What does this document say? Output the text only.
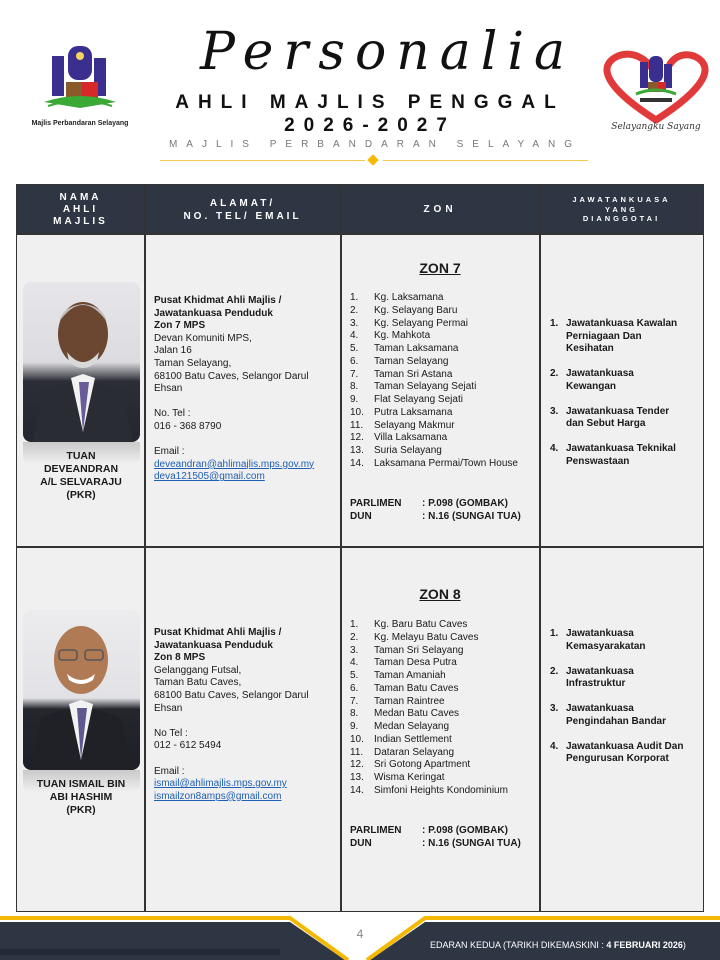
Majlis Perbandaran Selayang
Personalia
AHLI MAJLIS PENGGAL
2026-2027
MAJLIS PERBANDARAN SELAYANG
Selayangku Sayang
NAMA
AHLI
MAJLIS
ALAMAT/
NO. TEL/ EMAIL
ZON
JAWATANKUASA
YANG
DIANGGOTAI
TUAN
DEVEANDRAN
A/L SELVARAJU
(PKR)
Pusat Khidmat Ahli Majlis /
Jawatankuasa Penduduk
Zon 7 MPS
Devan Komuniti MPS,
Jalan 16
Taman Selayang,
68100 Batu Caves, Selangor Darul
Ehsan
No. Tel :
016 - 368 8790
Email :
deveandran@ahlimajlis.mps.gov.my
deva121505@gmail.com
ZON 7
1.	Kg. Laksamana
2.	Kg. Selayang Baru
3.	Kg. Selayang Permai
4.	Kg. Mahkota
5.	Taman Laksamana
6.	Taman Selayang
7.	Taman Sri Astana
8.	Taman Selayang Sejati
9.	Flat Selayang Sejati
10.	Putra Laksamana
11.	Selayang Makmur
12.	Villa Laksamana
13.	Suria Selayang
14.	Laksamana Permai/Town House
PARLIMEN : P.098 (GOMBAK)
DUN	: N.16 (SUNGAI TUA)
1. Jawatankuasa Kawalan
Perniagaan Dan
Kesihatan
2. Jawatankuasa
Kewangan
3. Jawatankuasa Tender
dan Sebut Harga
4. Jawatankuasa Teknikal
Penswastaan
TUAN ISMAIL BIN
ABI HASHIM
(PKR)
Pusat Khidmat Ahli Majlis /
Jawatankuasa Penduduk
Zon 8 MPS
Gelanggang Futsal,
Taman Batu Caves,
68100 Batu Caves, Selangor Darul
Ehsan
No Tel :
012 - 612 5494
Email :
ismail@ahlimajlis.mps.gov.my
ismailzon8amps@gmail.com
ZON 8
1.	Kg. Baru Batu Caves
2.	Kg. Melayu Batu Caves
3.	Taman Sri Selayang
4.	Taman Desa Putra
5.	Taman Amaniah
6.	Taman Batu Caves
7.	Taman Raintree
8.	Medan Batu Caves
9.	Medan Selayang
10.	Indian Settlement
11.	Dataran Selayang
12.	Sri Gotong Apartment
13.	Wisma Keringat
14.	Simfoni Heights Kondominium
PARLIMEN : P.098 (GOMBAK)
DUN	: N.16 (SUNGAI TUA)
1. Jawatankuasa
Kemasyarakatan
2. Jawatankuasa
Infrastruktur
3. Jawatankuasa
Pengindahan Bandar
4. Jawatankuasa Audit Dan
Pengurusan Korporat
4
EDARAN KEDUA (TARIKH DIKEMASKINI : 4 FEBRUARI 2026)
